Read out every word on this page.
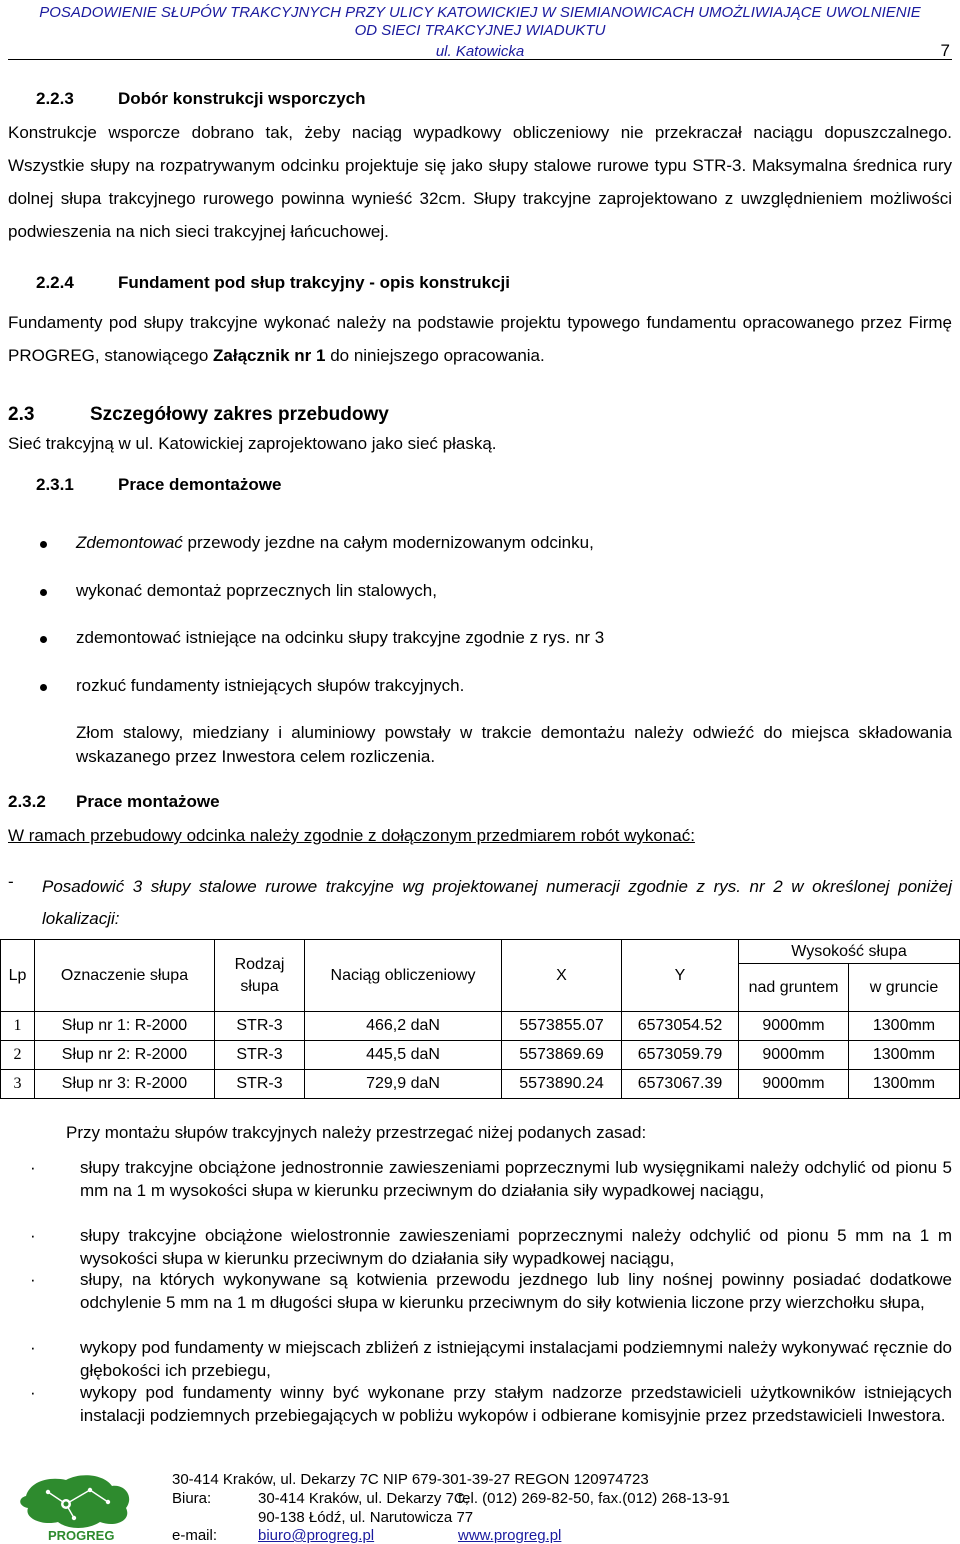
POSADOWIENIE SŁUPÓW TRAKCYJNYCH PRZY ULICY KATOWICKIEJ W SIEMIANOWICACH UMOŻLIWIAJĄCE UWOLNIENIE
OD SIECI TRAKCYJNEJ WIADUKTU
ul. Katowicka	7
2.2.3	Dobór konstrukcji wsporczych
Konstrukcje wsporcze dobrano tak, żeby naciąg wypadkowy obliczeniowy nie przekraczał naciągu dopuszczalnego. Wszystkie słupy na rozpatrywanym odcinku projektuje się jako słupy stalowe rurowe typu STR-3. Maksymalna średnica rury dolnej słupa trakcyjnego rurowego powinna wynieść 32cm. Słupy trakcyjne zaprojektowano z uwzględnieniem możliwości podwieszenia na nich sieci trakcyjnej łańcuchowej.
2.2.4	Fundament pod słup trakcyjny - opis konstrukcji
Fundamenty pod słupy trakcyjne wykonać należy na podstawie projektu typowego fundamentu opracowanego przez Firmę PROGREG, stanowiącego Załącznik nr 1 do niniejszego opracowania.
2.3	Szczegółowy zakres przebudowy
Sieć trakcyjną w ul. Katowickiej zaprojektowano jako sieć płaską.
2.3.1	Prace demontażowe
Zdemontować przewody jezdne na całym modernizowanym odcinku,
wykonać demontaż poprzecznych lin stalowych,
zdemontować istniejące na odcinku słupy trakcyjne zgodnie z rys. nr 3
rozkuć fundamenty istniejących słupów trakcyjnych.
Złom stalowy, miedziany i aluminiowy powstały w trakcie demontażu należy odwieźć do miejsca składowania wskazanego przez Inwestora celem rozliczenia.
2.3.2 Prace montażowe
W ramach przebudowy odcinka należy zgodnie z dołączonym przedmiarem robót wykonać:
- Posadowić 3 słupy stalowe rurowe trakcyjne wg projektowanej numeracji zgodnie z rys. nr 2 w określonej poniżej lokalizacji:
Lp	Oznaczenie słupa	Rodzaj słupa	Naciąg obliczeniowy	X	Y	Wysokość słupa	
						nad gruntem	w gruncie
1	Słup nr 1: R-2000	STR-3	466,2 daN	5573855.07	6573054.52	9000mm	1300mm
2	Słup nr 2: R-2000	STR-3	445,5 daN	5573869.69	6573059.79	9000mm	1300mm
3	Słup nr 3: R-2000	STR-3	729,9 daN	5573890.24	6573067.39	9000mm	1300mm
Przy montażu słupów trakcyjnych należy przestrzegać niżej podanych zasad:
·	słupy trakcyjne obciążone jednostronnie zawieszeniami poprzecznymi lub wysięgnikami należy odchylić od pionu 5 mm na 1 m wysokości słupa w kierunku przeciwnym do działania siły wypadkowej naciągu,
·	słupy trakcyjne obciążone wielostronnie zawieszeniami poprzecznymi należy odchylić od pionu 5 mm na 1 m wysokości słupa w kierunku przeciwnym do działania siły wypadkowej naciągu,
·	słupy, na których wykonywane są kotwienia przewodu jezdnego lub liny nośnej powinny posiadać dodatkowe odchylenie 5 mm na 1 m długości słupa w kierunku przeciwnym do siły kotwienia liczone przy wierzchołku słupa,
·	wykopy pod fundamenty w miejscach zbliżeń z istniejącymi instalacjami podziemnymi należy wykonywać ręcznie do głębokości ich przebiegu,
·	wykopy pod fundamenty winny być wykonane przy stałym nadzorze przedstawicieli użytkowników istniejących instalacji podziemnych przebiegających w pobliżu wykopów i odbierane komisyjnie przez przedstawicieli Inwestora.
PROGREG
30-414 Kraków, ul. Dekarzy 7C NIP 679-301-39-27 REGON 120974723
Biura:	30-414 Kraków, ul. Dekarzy 7C,tel. (012) 269-82-50, fax.(012) 268-13-91
90-138 Łódź, ul. Narutowicza 77
e-mail:	biuro@progreg.pl	www.progreg.pl
